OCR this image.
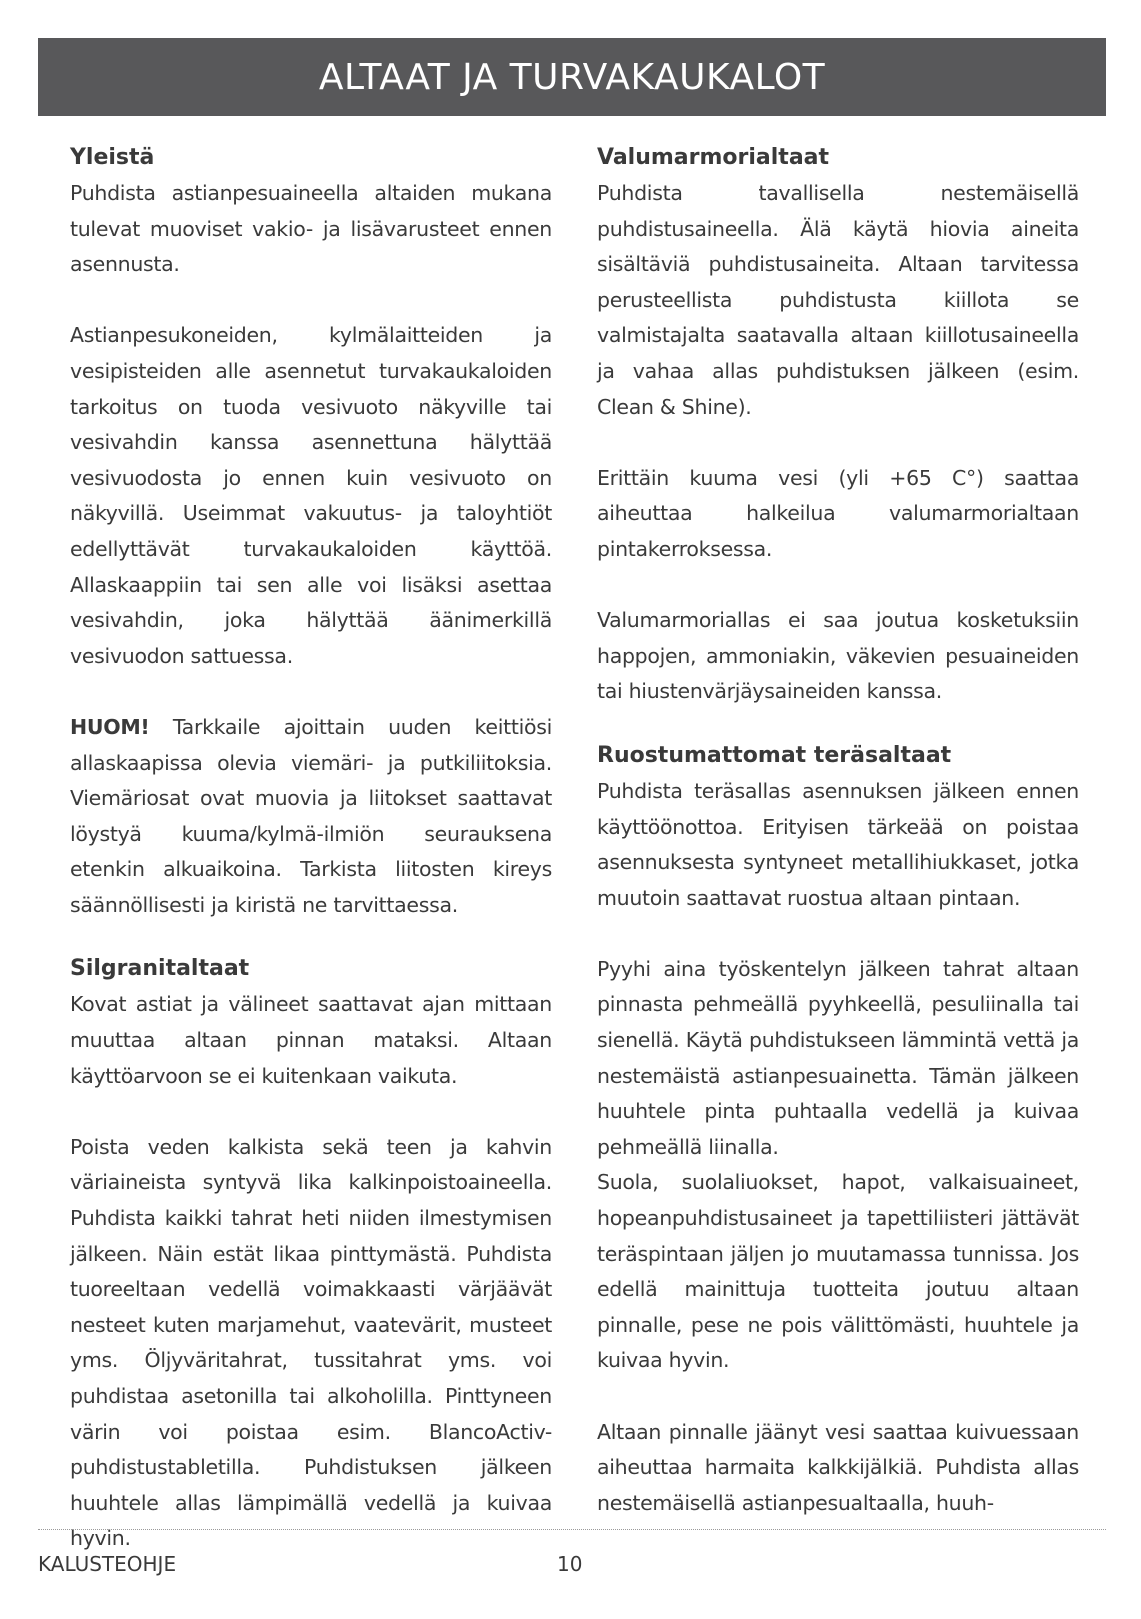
ALTAAT JA TURVAKAUKALOT
Yleistä

Puhdista astianpesuaineella altaiden mukana tulevat muoviset vakio- ja lisävarusteet ennen asennusta.

Astianpesukoneiden, kylmälaitteiden ja vesipisteiden alle asennetut turvakaukaloiden tarkoitus on tuoda vesivuoto näkyville tai vesivahdin kanssa asennettuna hälyttää vesivuodosta jo ennen kuin vesivuoto on näkyvillä. Useimmat vakuutus- ja taloyhtiöt edellyttävät turvakaukaloiden käyttöä. Allaskaappiin tai sen alle voi lisäksi asettaa vesivahdin, joka hälyttää äänimerkillä vesivuodon sattuessa.

HUOM! Tarkkaile ajoittain uuden keittiösi allaskaapissa olevia viemäri- ja putkiliitoksia. Viemäriosat ovat muovia ja liitokset saattavat löystyä kuuma/kylmä-ilmiön seurauksena etenkin alkuaikoina. Tarkista liitosten kireys säännöllisesti ja kiristä ne tarvittaessa.

Silgranitaltaat

Kovat astiat ja välineet saattavat ajan mittaan muuttaa altaan pinnan mataksi. Altaan käyttöarvoon se ei kuitenkaan vaikuta.

Poista veden kalkista sekä teen ja kahvin väriaineista syntyvä lika kalkinpoistoaineella. Puhdista kaikki tahrat heti niiden ilmestymisen jälkeen. Näin estät likaa pinttymästä. Puhdista tuoreeltaan vedellä voimakkaasti värjäävät nesteet kuten marjamehut, vaatevärit, musteet yms. Öljyväritahrat, tussitahrat yms. voi puhdistaa asetonilla tai alkoholilla. Pinttyneen värin voi poistaa esim. BlancoActiv-puhdistustabletilla. Puhdistuksen jälkeen huuhtele allas lämpimällä vedellä ja kuivaa hyvin.

Valumarmorialtaat

Puhdista tavallisella nestemäisellä puhdistusaineella. Älä käytä hiovia aineita sisältäviä puhdistusaineita. Altaan tarvitessa perusteellista puhdistusta kiillota se valmistajalta saatavalla altaan kiillotusaineella ja vahaa allas puhdistuksen jälkeen (esim. Clean & Shine).

Erittäin kuuma vesi (yli +65 C°) saattaa aiheuttaa halkeilua valumarmorialtaan pintakerroksessa.

Valumarmoriallas ei saa joutua kosketuksiin happojen, ammoniakin, väkevien pesuaineiden tai hiustenvärjäysaineiden kanssa.

Ruostumattomat teräsaltaat

Puhdista teräsallas asennuksen jälkeen ennen käyttöönottoa. Erityisen tärkeää on poistaa asennuksesta syntyneet metallihiukkaset, jotka muutoin saattavat ruostua altaan pintaan.

Pyyhi aina työskentelyn jälkeen tahrat altaan pinnasta pehmeällä pyyhkeellä, pesuliinalla tai sienellä. Käytä puhdistukseen lämmintä vettä ja nestemäistä astianpesuainetta. Tämän jälkeen huuhtele pinta puhtaalla vedellä ja kuivaa pehmeällä liinalla.

Suola, suolaliuokset, hapot, valkaisuaineet, hopeanpuhdistusaineet ja tapettiliisteri jättävät teräspintaan jäljen jo muutamassa tunnissa. Jos edellä mainittuja tuotteita joutuu altaan pinnalle, pese ne pois välittömästi, huuhtele ja kuivaa hyvin.

Altaan pinnalle jäänyt vesi saattaa kuivuessaan aiheuttaa harmaita kalkkijälkiä. Puhdista allas nestemäisellä astianpesualtaalla, huuh-

KALUSTEOHJE	10
